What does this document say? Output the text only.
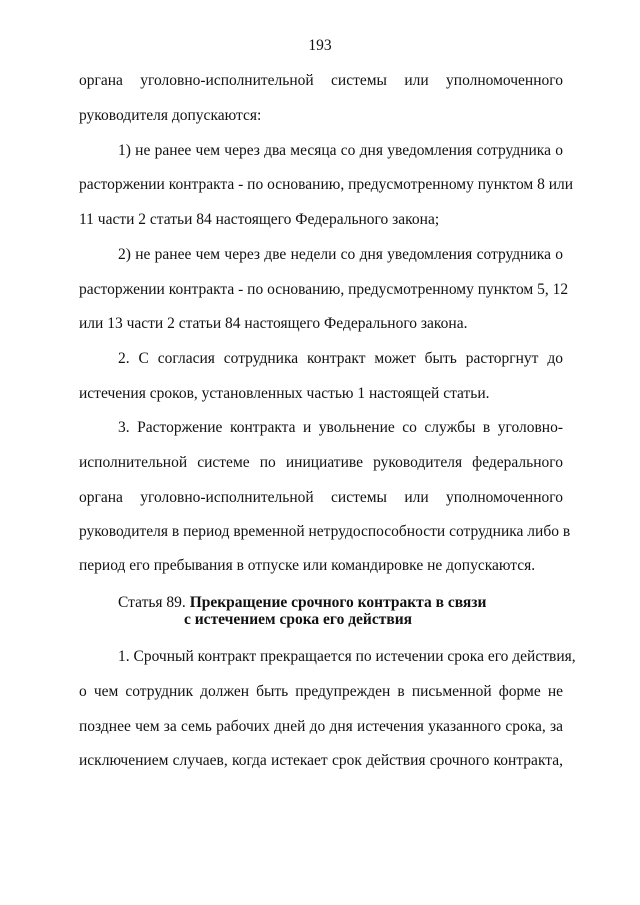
193
органа уголовно-исполнительной системы или уполномоченного
руководителя допускаются:
1) не ранее чем через два месяца со дня уведомления сотрудника о
расторжении контракта - по основанию, предусмотренному пунктом 8 или
11 части 2 статьи 84 настоящего Федерального закона;
2) не ранее чем через две недели со дня уведомления сотрудника о
расторжении контракта - по основанию, предусмотренному пунктом 5, 12
или 13 части 2 статьи 84 настоящего Федерального закона.
2. С согласия сотрудника контракт может быть расторгнут до
истечения сроков, установленных частью 1 настоящей статьи.
3. Расторжение контракта и увольнение со службы в уголовно-
исполнительной системе по инициативе руководителя федерального
органа уголовно-исполнительной системы или уполномоченного
руководителя в период временной нетрудоспособности сотрудника либо в
период его пребывания в отпуске или командировке не допускаются.
Статья 89. Прекращение срочного контракта в связи
с истечением срока его действия
1. Срочный контракт прекращается по истечении срока его действия,
о чем сотрудник должен быть предупрежден в письменной форме не
позднее чем за семь рабочих дней до дня истечения указанного срока, за
исключением случаев, когда истекает срок действия срочного контракта,
